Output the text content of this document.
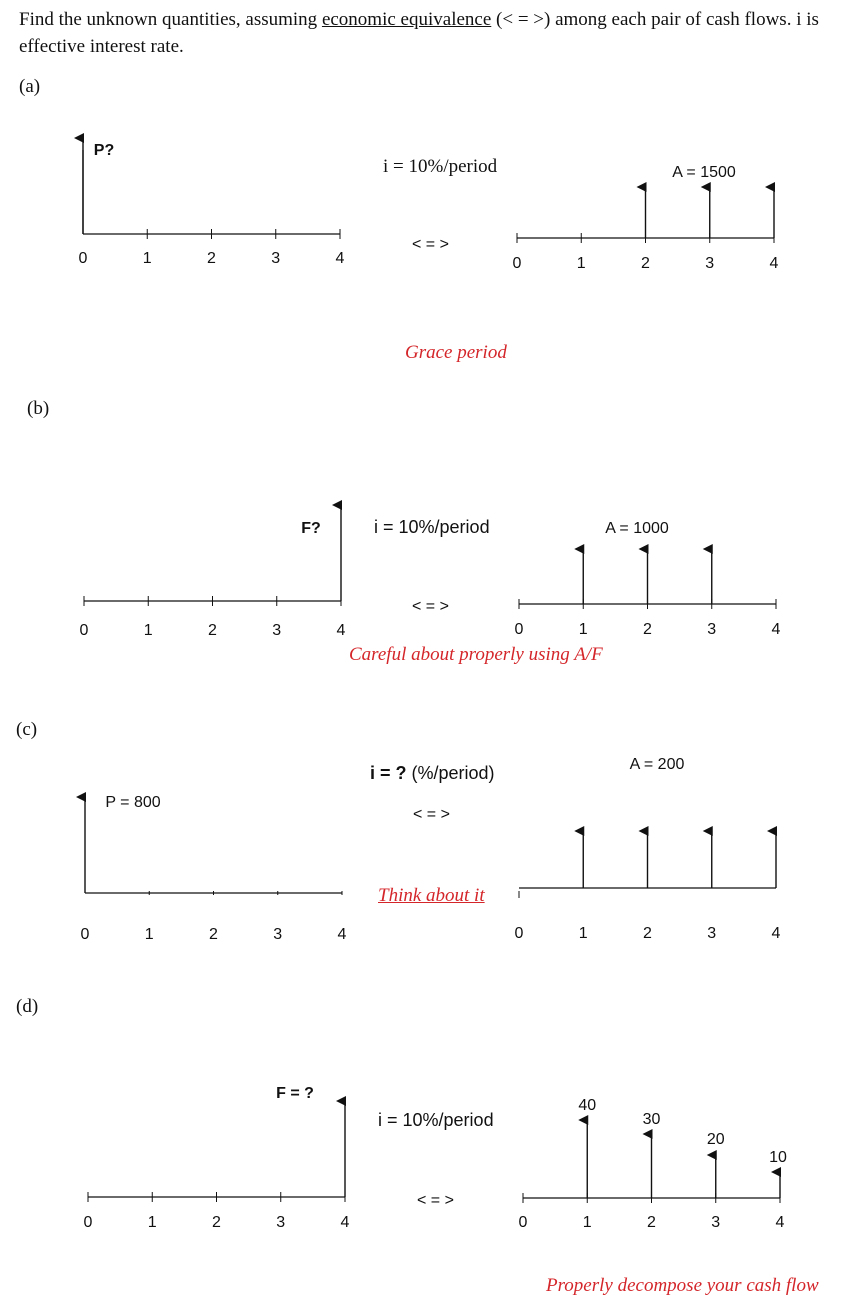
Find the unknown quantities, assuming economic equivalence (< = >) among each pair of cash flows. i is effective interest rate.
(a)
(b)
(c)
(d)
i = 10%/period
i = 10%/period
i = ? (%/period)
i = 10%/period
< = >
< = >
< = >
< = >
Grace period
Careful about properly using A/F
Think about it
Properly decompose your cash flow
0	1	2	3	4
P?
0	1	2	3	4
A = 1500
0	1	2	3	4
F?
0	1	2	3	4
A = 1000
0	1	2	3	4
P = 800
0	1	2	3	4
A = 200
0	1	2	3	4
F = ?
0	1	2	3	4
40
30
20
10
